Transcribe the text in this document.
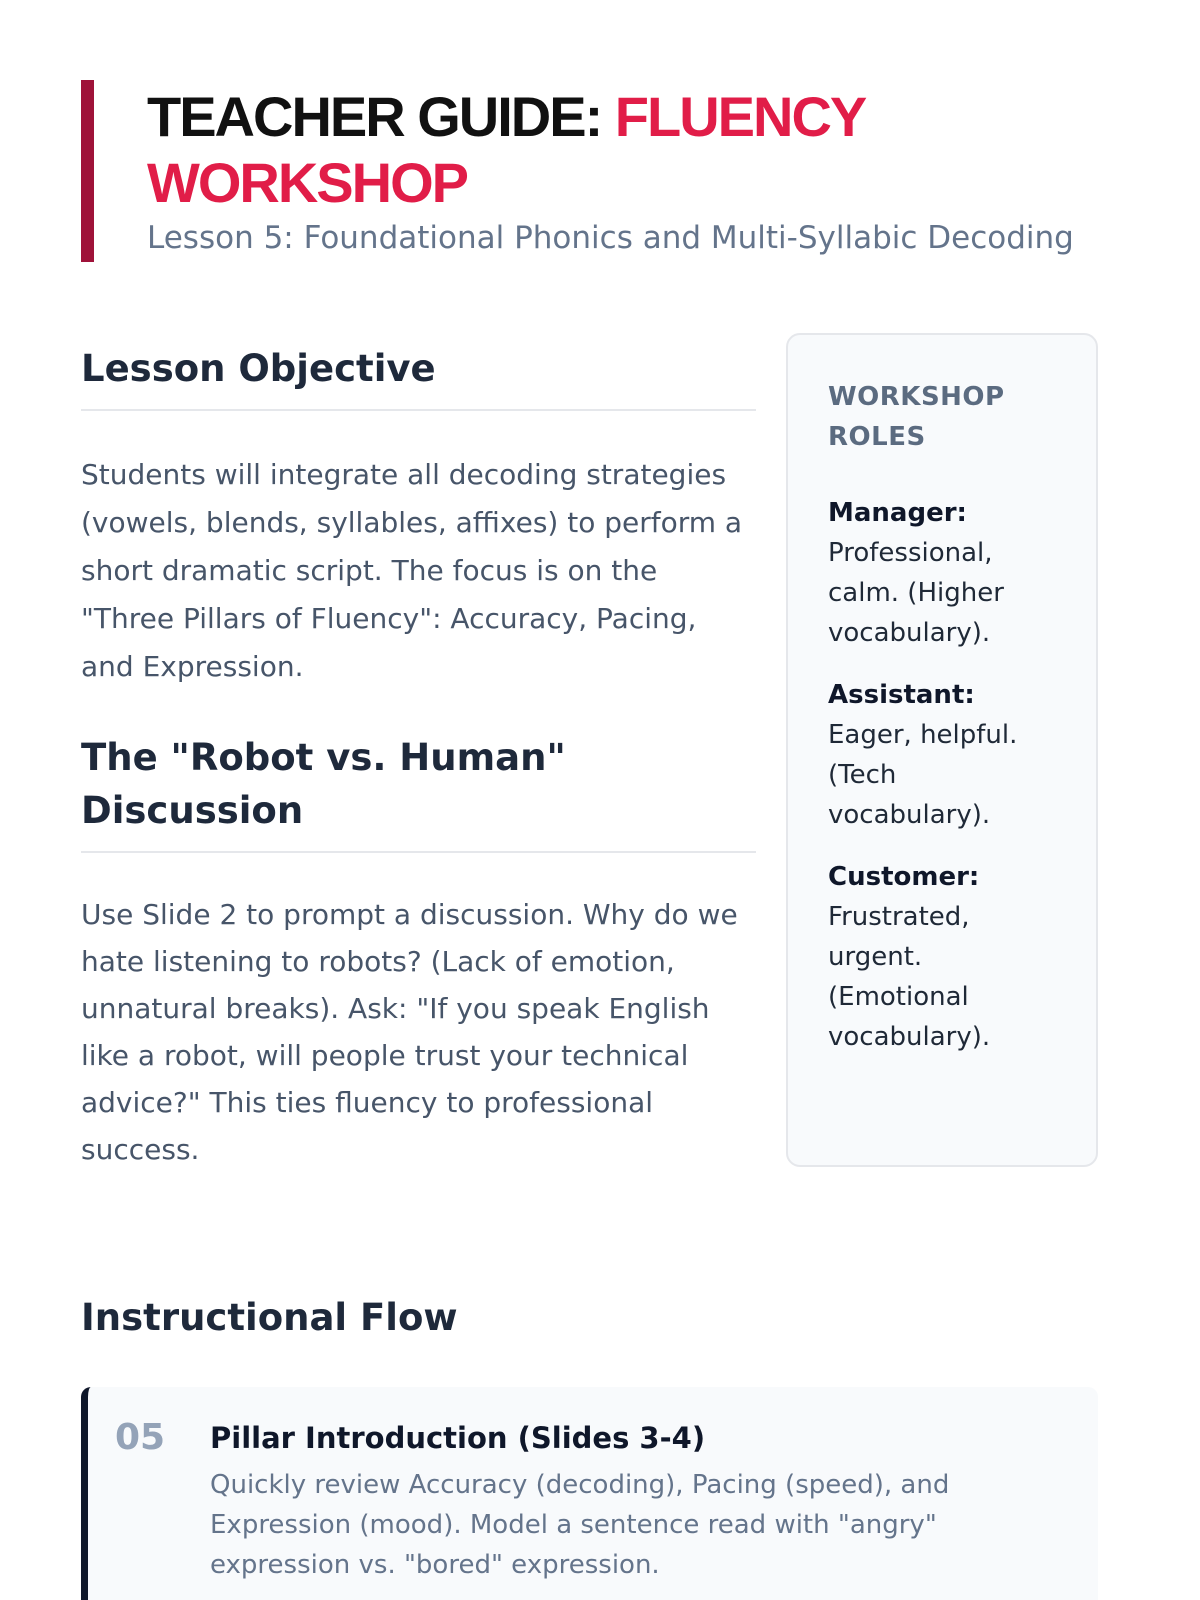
TEACHER GUIDE: FLUENCY WORKSHOP

Lesson 5: Foundational Phonics and Multi-Syllabic Decoding

Lesson Objective

Students will integrate all decoding strategies (vowels, blends, syllables, affixes) to perform a short dramatic script. The focus is on the "Three Pillars of Fluency": Accuracy, Pacing, and Expression.

The "Robot vs. Human" Discussion

Use Slide 2 to prompt a discussion. Why do we hate listening to robots? (Lack of emotion, unnatural breaks). Ask: "If you speak English like a robot, will people trust your technical advice?" This ties fluency to professional success.

WORKSHOP ROLES

Manager: Professional, calm. (Higher vocabulary).

Assistant: Eager, helpful. (Tech vocabulary).

Customer: Frustrated, urgent. (Emotional vocabulary).

Instructional Flow
05	Pillar Introduction (Slides 3-4)

Quickly review Accuracy (decoding), Pacing (speed), and Expression (mood). Model a sentence read with "angry" expression vs. "bored" expression.
